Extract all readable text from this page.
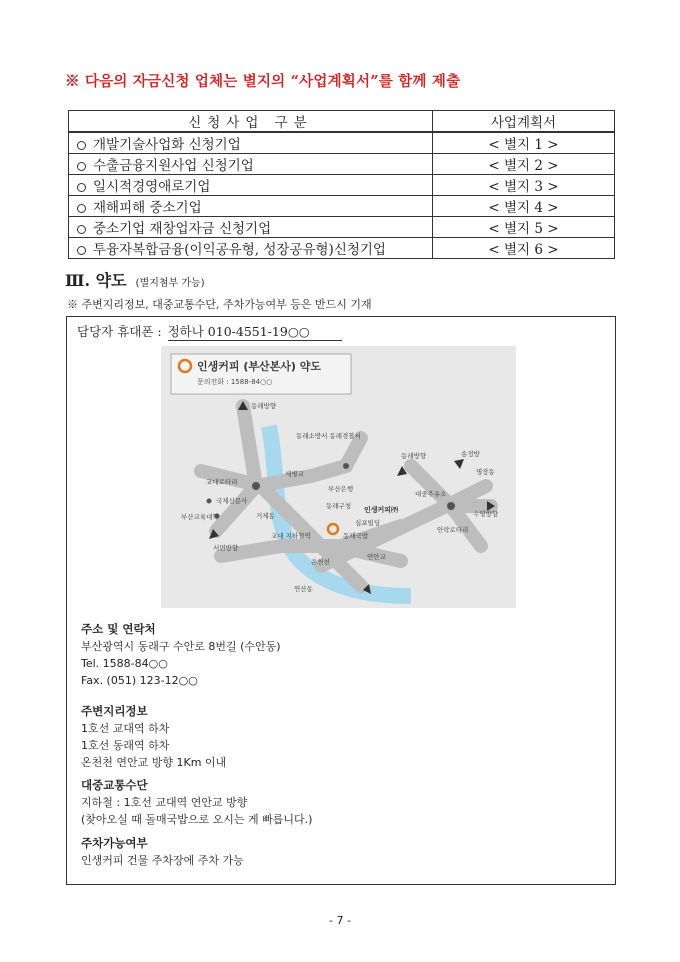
※ 다음의 자금신청 업체는 별지의 “사업계획서”를 함께 제출
신청사업 구분	사업계획서
개발기술사업화 신청기업	< 별지 1 >
수출금융지원사업 신청기업	< 별지 2 >
일시적경영애로기업	< 별지 3 >
재해피해 중소기업	< 별지 4 >
중소기업 재창업자금 신청기업	< 별지 5 >
투융자복합금융(이익공유형, 성장공유형)신청기업	< 별지 6 >
Ⅲ. 약도 (별지첨부 가능)
※ 주변지리정보, 대중교통수단, 주차가능여부 등은 반드시 기재
담당자 휴대폰 : 정하나 010-4551-19○○
인생커피 (부산본사) 약도
문의전화 : 1588-84○○
동래방향
동래방향
동래소방서 동래경찰서
교대로타리
세병교
송정방
명장동
국제신문사
부산교육대학	거제동
교대 지하철역
서면방향
연산동
온천천
연안교
안락로타리
수영방향
인생커피㈜
심포빌딩
동래국밥
대중주유소
부산은행
동래구청
주소 및 연락처
부산광역시 동래구 수안로 8번길 (수안동)
Tel. 1588-84○○
Fax. (051) 123-12○○
주변지리정보
1호선 교대역 하차
1호선 동래역 하차
온천천 연안교 방향 1Km 이내
대중교통수단
지하철 : 1호선 교대역 연안교 방향
(찾아오실 때 돌매국밥으로 오시는 게 빠릅니다.)
주차가능여부
인생커피 건물 주차장에 주차 가능
- 7 -
